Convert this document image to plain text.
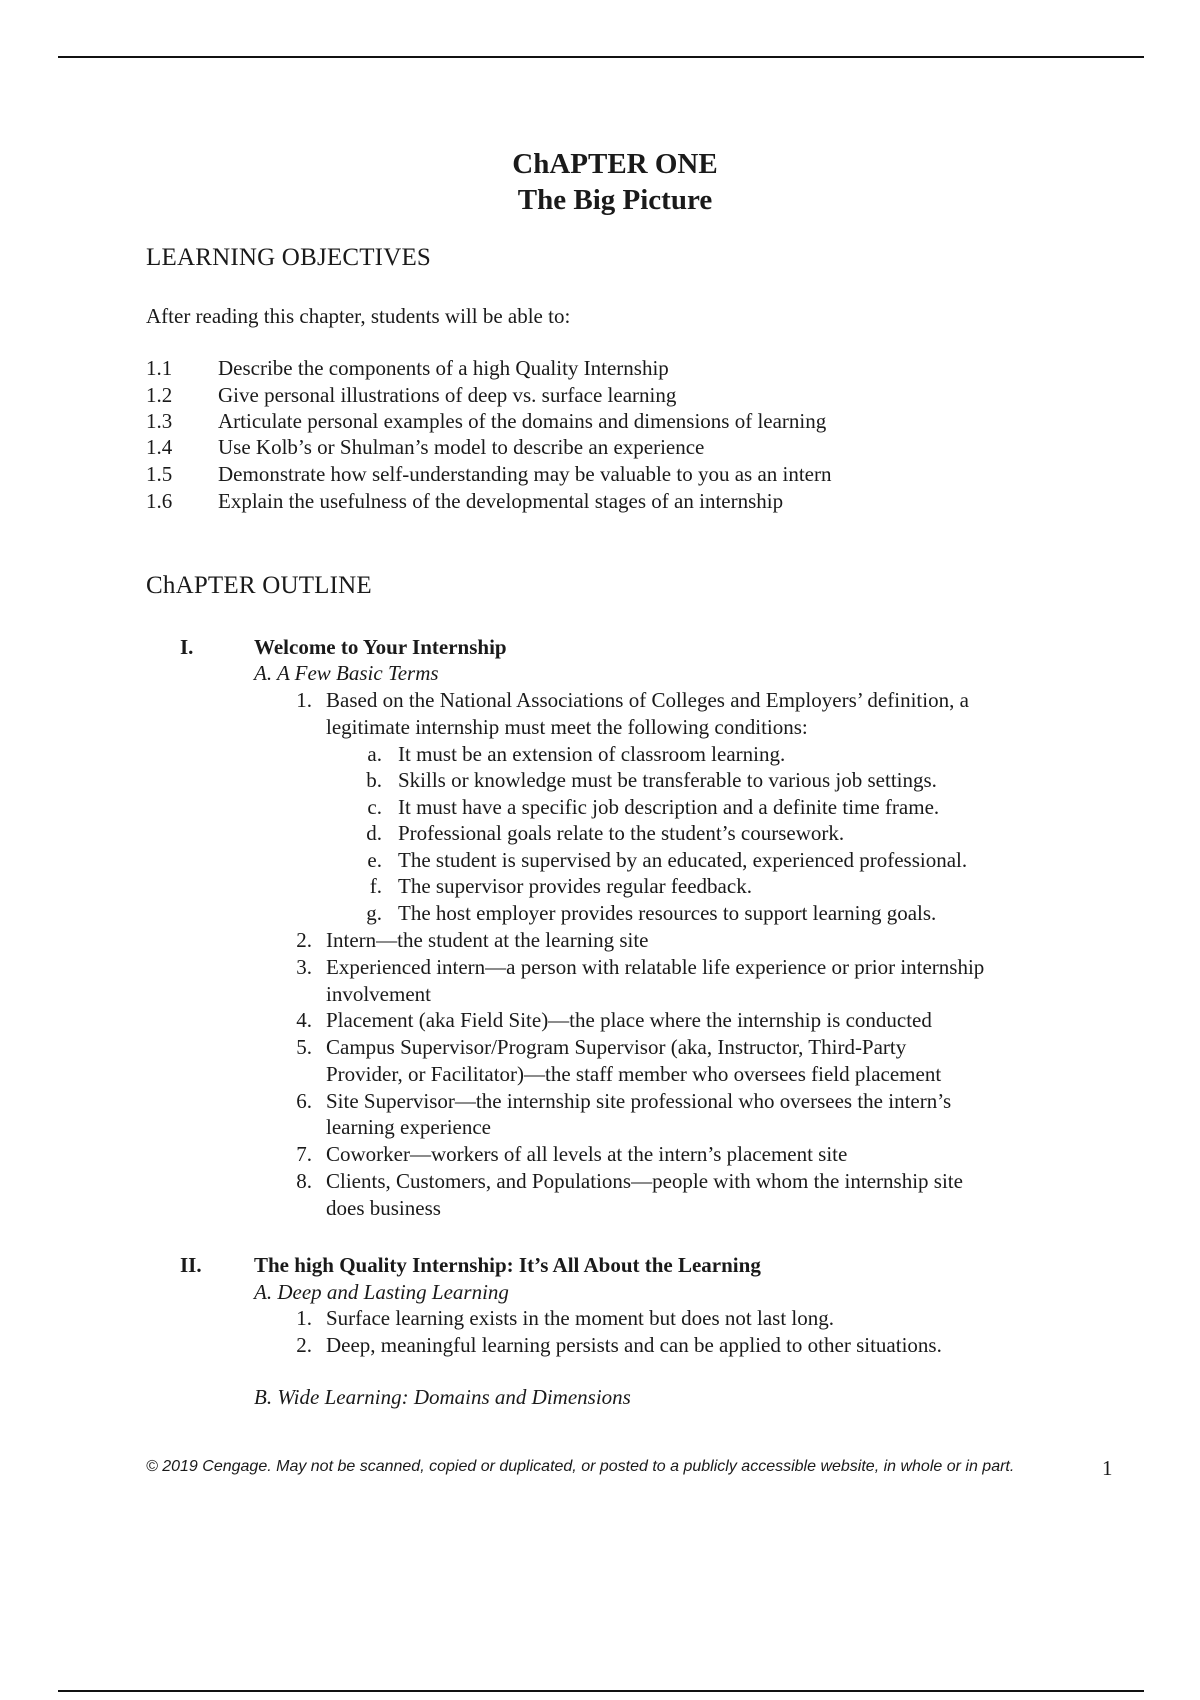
ChAPTER ONE
The Big Picture
LEARNING OBJECTIVES
After reading this chapter, students will be able to:
1.1 Describe the components of a high Quality Internship
1.2 Give personal illustrations of deep vs. surface learning
1.3 Articulate personal examples of the domains and dimensions of learning
1.4 Use Kolb’s or Shulman’s model to describe an experience
1.5 Demonstrate how self-understanding may be valuable to you as an intern
1.6 Explain the usefulness of the developmental stages of an internship
ChAPTER OUTLINE
I.	Welcome to Your Internship
A. A Few Basic Terms
1. Based on the National Associations of Colleges and Employers’ definition, a
legitimate internship must meet the following conditions:
a. It must be an extension of classroom learning.
b. Skills or knowledge must be transferable to various job settings.
c. It must have a specific job description and a definite time frame.
d. Professional goals relate to the student’s coursework.
e. The student is supervised by an educated, experienced professional.
f. The supervisor provides regular feedback.
g. The host employer provides resources to support learning goals.
2. Intern—the student at the learning site
3. Experienced intern—a person with relatable life experience or prior internship
involvement
4. Placement (aka Field Site)—the place where the internship is conducted
5. Campus Supervisor/Program Supervisor (aka, Instructor, Third-Party
Provider, or Facilitator)—the staff member who oversees field placement
6. Site Supervisor—the internship site professional who oversees the intern’s
learning experience
7. Coworker—workers of all levels at the intern’s placement site
8. Clients, Customers, and Populations—people with whom the internship site
does business
II. The high Quality Internship: It’s All About the Learning
A. Deep and Lasting Learning
1. Surface learning exists in the moment but does not last long.
2. Deep, meaningful learning persists and can be applied to other situations.
B. Wide Learning: Domains and Dimensions
© 2019 Cengage. May not be scanned, copied or duplicated, or posted to a publicly accessible website, in whole or in part.	1
